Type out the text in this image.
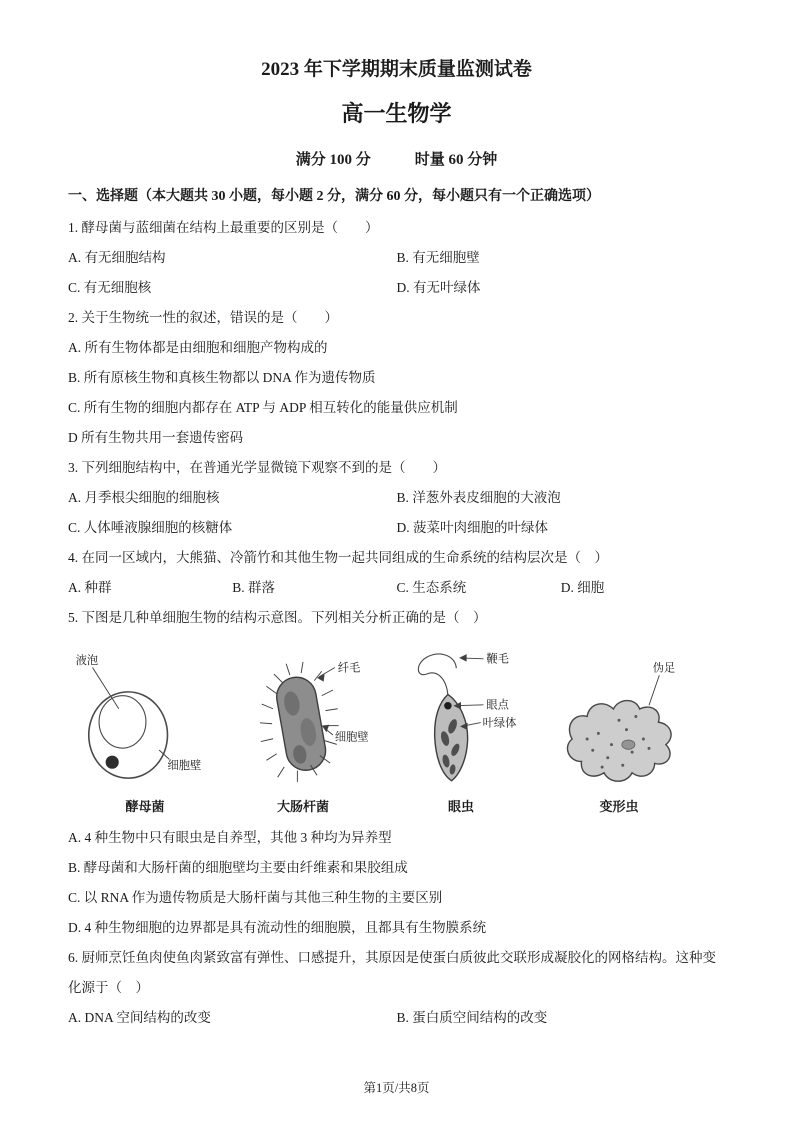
2023 年下学期期末质量监测试卷
高一生物学
满分 100 分	时量 60 分钟
一、选择题（本大题共 30 小题，每小题 2 分，满分 60 分，每小题只有一个正确选项）
1. 酵母菌与蓝细菌在结构上最重要的区别是（　　）
A. 有无细胞结构	B. 有无细胞壁
C. 有无细胞核	D. 有无叶绿体
2. 关于生物统一性的叙述，错误的是（　　）
A. 所有生物体都是由细胞和细胞产物构成的
B. 所有原核生物和真核生物都以 DNA 作为遗传物质
C. 所有生物的细胞内都存在 ATP 与 ADP 相互转化的能量供应机制
D 所有生物共用一套遗传密码
3. 下列细胞结构中，在普通光学显微镜下观察不到的是（　　）
A. 月季根尖细胞的细胞核	B. 洋葱外表皮细胞的大液泡
C. 人体唾液腺细胞的核糖体	D. 菠菜叶肉细胞的叶绿体
4. 在同一区域内，大熊猫、冷箭竹和其他生物一起共同组成的生命系统的结构层次是（　）
A. 种群	B. 群落	C. 生态系统	D. 细胞
5. 下图是几种单细胞生物的结构示意图。下列相关分析正确的是（　）
液泡
细胞壁
酵母菌
纤毛
细胞壁
大肠杆菌
鞭毛
眼点
叶绿体
眼虫
伪足
变形虫
A. 4 种生物中只有眼虫是自养型，其他 3 种均为异养型
B. 酵母菌和大肠杆菌的细胞壁均主要由纤维素和果胶组成
C. 以 RNA 作为遗传物质是大肠杆菌与其他三种生物的主要区别
D. 4 种生物细胞的边界都是具有流动性的细胞膜，且都具有生物膜系统
6. 厨师烹饪鱼肉使鱼肉紧致富有弹性、口感提升，其原因是使蛋白质彼此交联形成凝胶化的网格结构。这种变化源于（　）
A. DNA 空间结构的改变	B. 蛋白质空间结构的改变
第1页/共8页
